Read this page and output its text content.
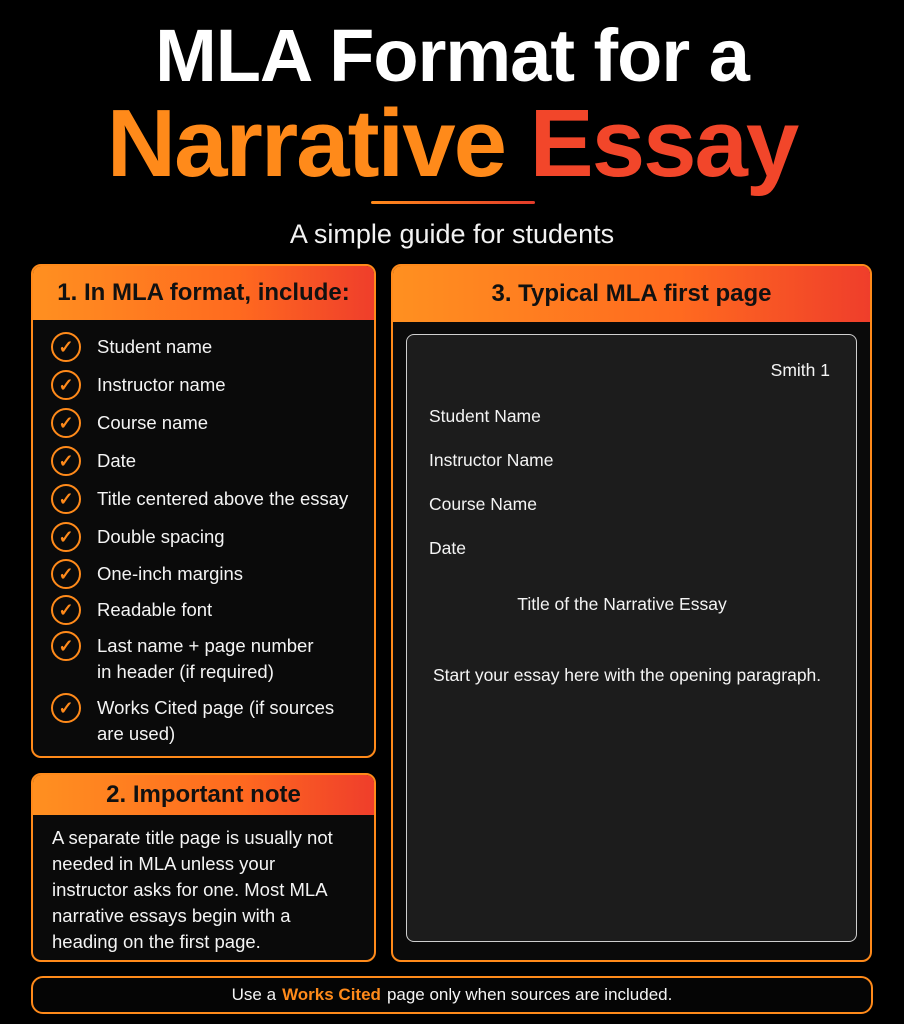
MLA Format for a
Narrative Essay
A simple guide for students
1. In MLA format, include:
✓	Student name
✓	Instructor name
✓	Course name
✓	Date
✓	Title centered above the essay
✓	Double spacing
✓	One-inch margins
✓	Readable font
✓	Last name + page number in header (if required)
✓	Works Cited page (if sources are used)
2. Important note

A separate title page is usually not needed in MLA unless your instructor asks for one. Most MLA narrative essays begin with a heading on the first page.

3. Typical MLA first page
Smith 1
Student Name
Instructor Name
Course Name
Date
Title of the Narrative Essay
Start your essay here with the opening paragraph.
Use a Works Cited page only when sources are included.
